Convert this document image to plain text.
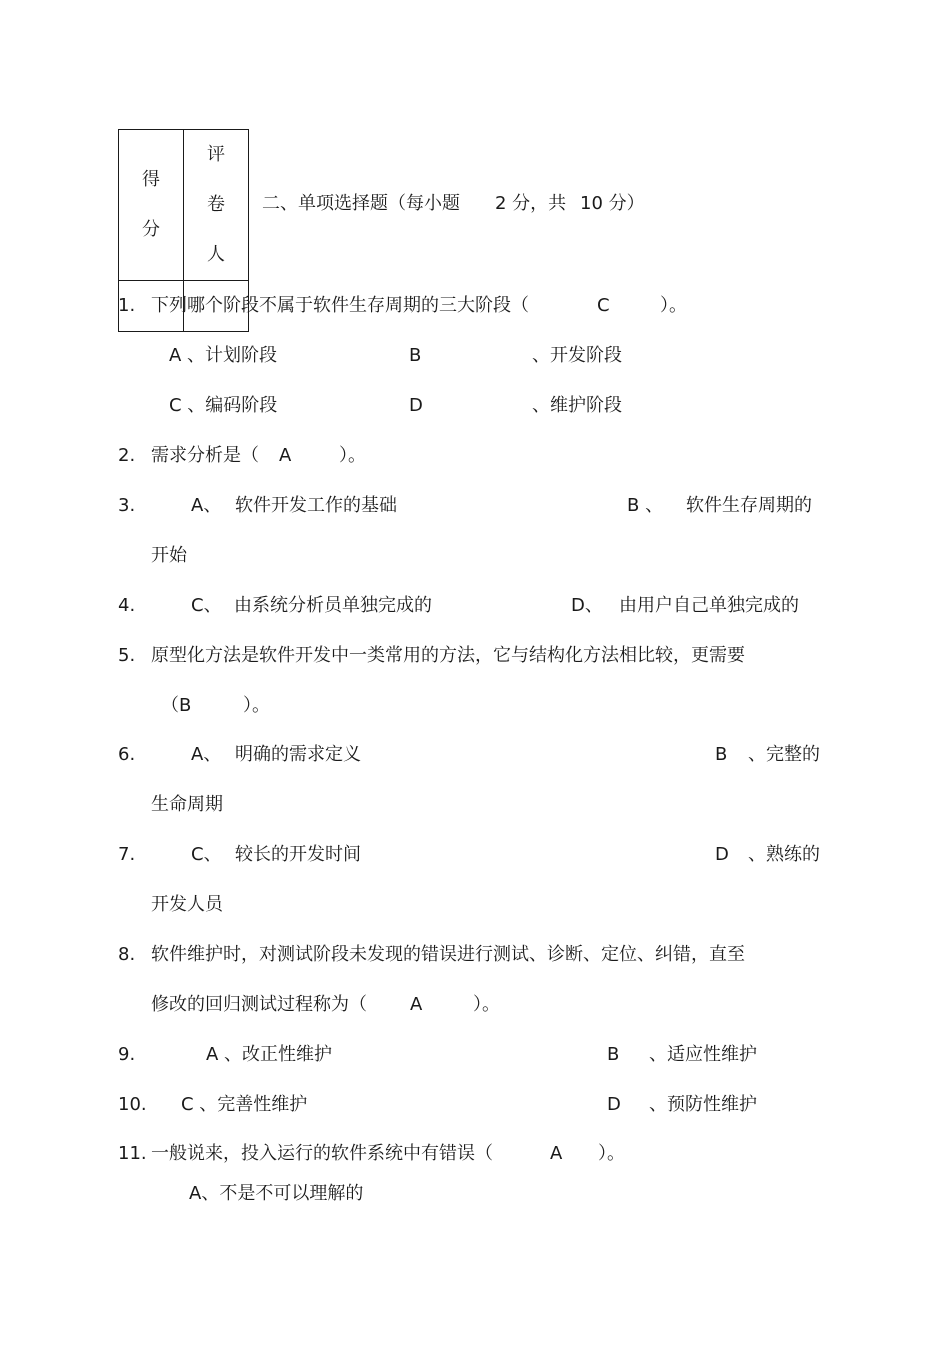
得分	评卷人

二、单项选择题（每小题 2 分，共 10 分）
1. 下列哪个阶段不属于软件生存周期的三大阶段（	C	）。
A 、计划阶段	B	、开发阶段
C 、编码阶段	D	、维护阶段
2. 需求分析是（ A	）。
3.	A、 软件开发工作的基础	B 、 软件生存周期的
开始
4.	C、 由系统分析员单独完成的	D、 由用户自己单独完成的
5. 原型化方法是软件开发中一类常用的方法，它与结构化方法相比较，更需要
（B	）。
6.	A、 明确的需求定义	B 、完整的
生命周期
7.	C、 较长的开发时间	D 、熟练的
开发人员
8. 软件维护时，对测试阶段未发现的错误进行测试、诊断、定位、纠错，直至
修改的回归测试过程称为（ A	）。
9.	A 、改正性维护	B 、适应性维护
10. C 、完善性维护	D 、预防性维护
11. 一般说来，投入运行的软件系统中有错误（	A ）。
A、不是不可以理解的
